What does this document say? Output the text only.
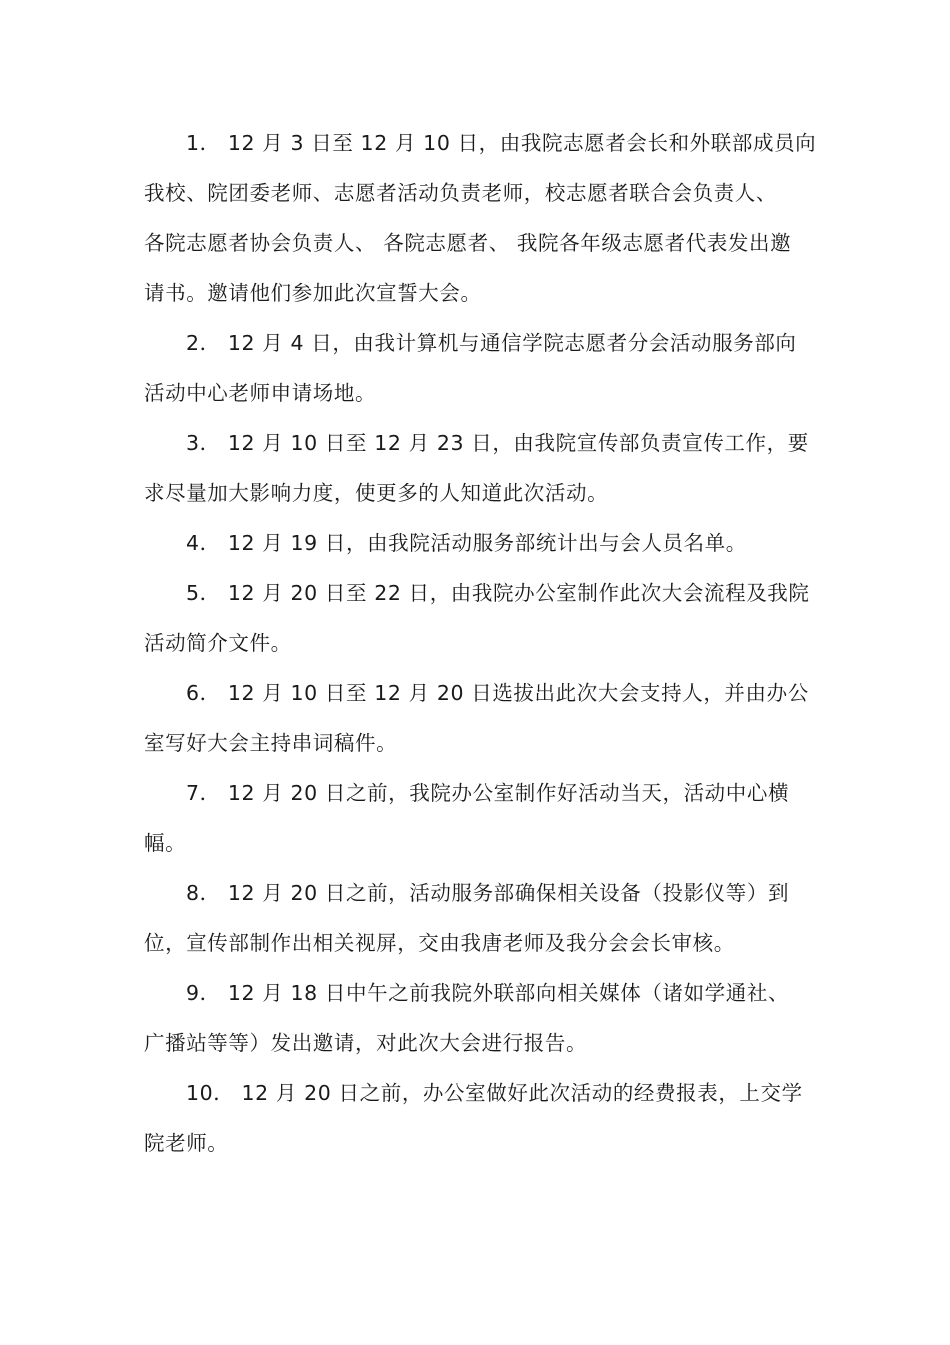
1． 12 月 3 日至 12 月 10 日，由我院志愿者会长和外联部成员向
我校、院团委老师、志愿者活动负责老师，校志愿者联合会负责人、
各院志愿者协会负责人、 各院志愿者、 我院各年级志愿者代表发出邀
请书。邀请他们参加此次宣誓大会。
2． 12 月 4 日，由我计算机与通信学院志愿者分会活动服务部向
活动中心老师申请场地。
3． 12 月 10 日至 12 月 23 日，由我院宣传部负责宣传工作，要
求尽量加大影响力度，使更多的人知道此次活动。
4． 12 月 19 日，由我院活动服务部统计出与会人员名单。
5． 12 月 20 日至 22 日，由我院办公室制作此次大会流程及我院
活动简介文件。
6． 12 月 10 日至 12 月 20 日选拔出此次大会支持人，并由办公
室写好大会主持串词稿件。
7． 12 月 20 日之前，我院办公室制作好活动当天，活动中心横
幅。
8． 12 月 20 日之前，活动服务部确保相关设备（投影仪等）到
位，宣传部制作出相关视屏，交由我唐老师及我分会会长审核。
9． 12 月 18 日中午之前我院外联部向相关媒体（诸如学通社、
广播站等等）发出邀请，对此次大会进行报告。
10． 12 月 20 日之前，办公室做好此次活动的经费报表，上交学
院老师。
